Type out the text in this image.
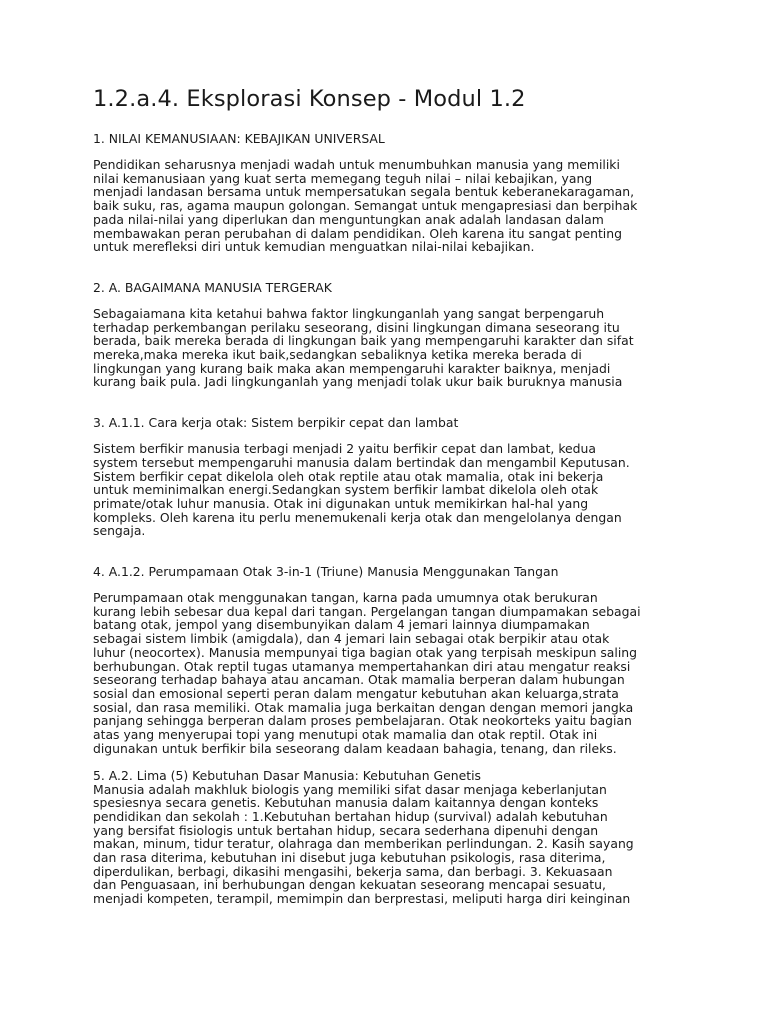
1.2.a.4. Eksplorasi Konsep - Modul 1.2

1. NILAI KEMANUSIAAN: KEBAJIKAN UNIVERSAL

Pendidikan seharusnya menjadi wadah untuk menumbuhkan manusia yang memiliki
nilai kemanusiaan yang kuat serta memegang teguh nilai – nilai kebajikan, yang
menjadi landasan bersama untuk mempersatukan segala bentuk keberanekaragaman,
baik suku, ras, agama maupun golongan. Semangat untuk mengapresiasi dan berpihak
pada nilai-nilai yang diperlukan dan menguntungkan anak adalah landasan dalam
membawakan peran perubahan di dalam pendidikan. Oleh karena itu sangat penting
untuk merefleksi diri untuk kemudian menguatkan nilai-nilai kebajikan.

2. A. BAGAIMANA MANUSIA TERGERAK

Sebagaiamana kita ketahui bahwa faktor lingkunganlah yang sangat berpengaruh
terhadap perkembangan perilaku seseorang, disini lingkungan dimana seseorang itu
berada, baik mereka berada di lingkungan baik yang mempengaruhi karakter dan sifat
mereka,maka mereka ikut baik,sedangkan sebaliknya ketika mereka berada di
lingkungan yang kurang baik maka akan mempengaruhi karakter baiknya, menjadi
kurang baik pula. Jadi lingkunganlah yang menjadi tolak ukur baik buruknya manusia

3. A.1.1. Cara kerja otak: Sistem berpikir cepat dan lambat

Sistem berfikir manusia terbagi menjadi 2 yaitu berfikir cepat dan lambat, kedua
system tersebut mempengaruhi manusia dalam bertindak dan mengambil Keputusan.
Sistem berfikir cepat dikelola oleh otak reptile atau otak mamalia, otak ini bekerja
untuk meminimalkan energi.Sedangkan system berfikir lambat dikelola oleh otak
primate/otak luhur manusia. Otak ini digunakan untuk memikirkan hal-hal yang
kompleks. Oleh karena itu perlu menemukenali kerja otak dan mengelolanya dengan
sengaja.

4. A.1.2. Perumpamaan Otak 3-in-1 (Triune) Manusia Menggunakan Tangan

Perumpamaan otak menggunakan tangan, karna pada umumnya otak berukuran
kurang lebih sebesar dua kepal dari tangan. Pergelangan tangan diumpamakan sebagai
batang otak, jempol yang disembunyikan dalam 4 jemari lainnya diumpamakan
sebagai sistem limbik (amigdala), dan 4 jemari lain sebagai otak berpikir atau otak
luhur (neocortex). Manusia mempunyai tiga bagian otak yang terpisah meskipun saling
berhubungan. Otak reptil tugas utamanya mempertahankan diri atau mengatur reaksi
seseorang terhadap bahaya atau ancaman. Otak mamalia berperan dalam hubungan
sosial dan emosional seperti peran dalam mengatur kebutuhan akan keluarga,strata
sosial, dan rasa memiliki. Otak mamalia juga berkaitan dengan dengan memori jangka
panjang sehingga berperan dalam proses pembelajaran. Otak neokorteks yaitu bagian
atas yang menyerupai topi yang menutupi otak mamalia dan otak reptil. Otak ini
digunakan untuk berfikir bila seseorang dalam keadaan bahagia, tenang, dan rileks.

5. A.2. Lima (5) Kebutuhan Dasar Manusia: Kebutuhan Genetis

Manusia adalah makhluk biologis yang memiliki sifat dasar menjaga keberlanjutan
spesiesnya secara genetis. Kebutuhan manusia dalam kaitannya dengan konteks
pendidikan dan sekolah : 1.Kebutuhan bertahan hidup (survival) adalah kebutuhan
yang bersifat fisiologis untuk bertahan hidup, secara sederhana dipenuhi dengan
makan, minum, tidur teratur, olahraga dan memberikan perlindungan. 2. Kasih sayang
dan rasa diterima, kebutuhan ini disebut juga kebutuhan psikologis, rasa diterima,
diperdulikan, berbagi, dikasihi mengasihi, bekerja sama, dan berbagi. 3. Kekuasaan
dan Penguasaan, ini berhubungan dengan kekuatan seseorang mencapai sesuatu,
menjadi kompeten, terampil, memimpin dan berprestasi, meliputi harga diri keinginan
